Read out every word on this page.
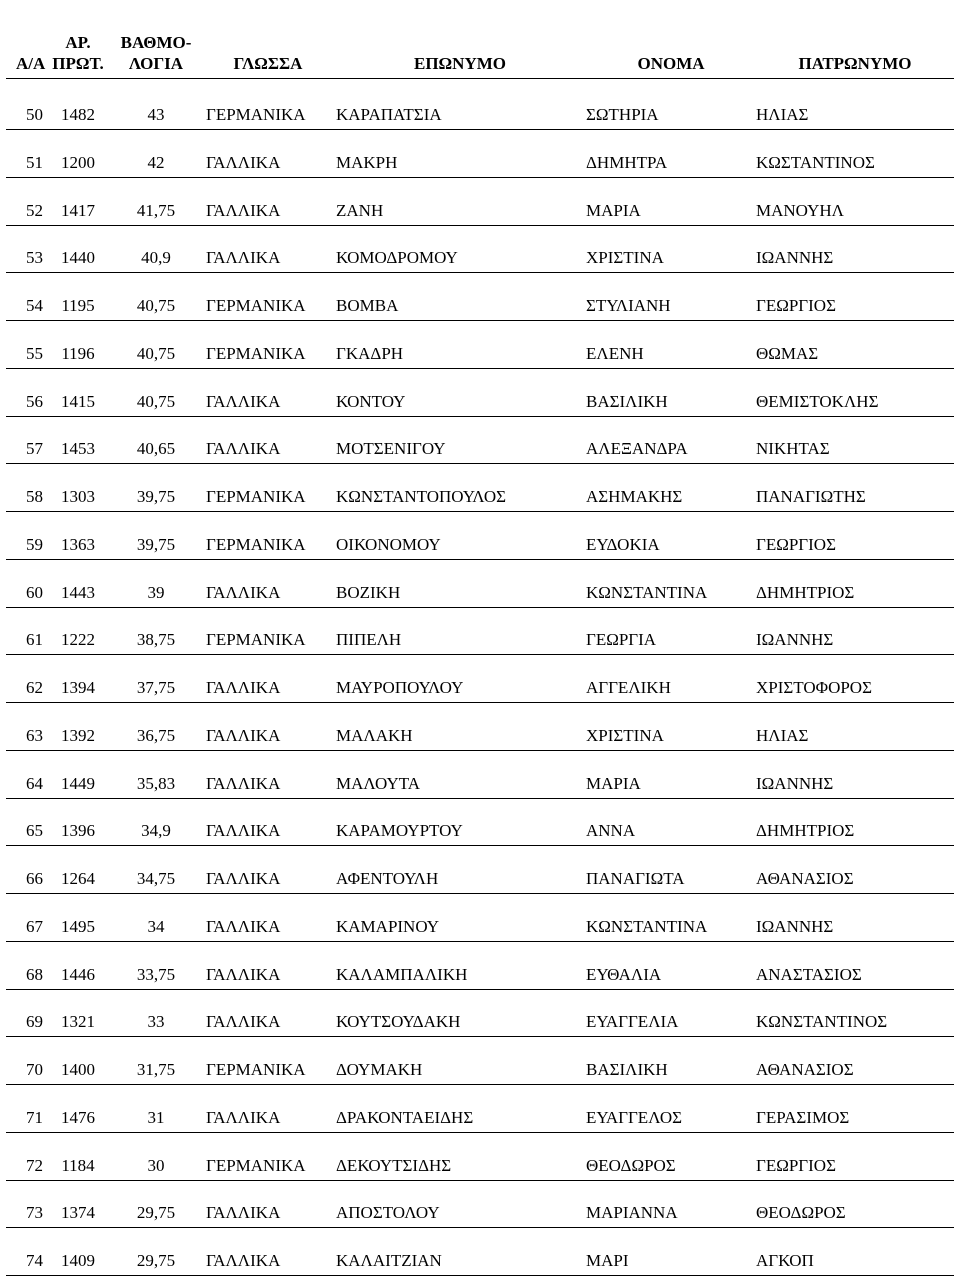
Α/Α	ΑΡ. ΠΡΩΤ.	ΒΑΘΜΟ- ΛΟΓΙΑ	ΓΛΩΣΣΑ	ΕΠΩΝΥΜΟ	ΟΝΟΜΑ	ΠΑΤΡΩΝΥΜΟ
50	1482	43	ΓΕΡΜΑΝΙΚΑ	ΚΑΡΑΠΑΤΣΙΑ	ΣΩΤΗΡΙΑ	ΗΛΙΑΣ
51	1200	42	ΓΑΛΛΙΚΑ	ΜΑΚΡΗ	ΔΗΜΗΤΡΑ	ΚΩΣΤΑΝΤΙΝΟΣ
52	1417	41,75	ΓΑΛΛΙΚΑ	ΖΑΝΗ	ΜΑΡΙΑ	ΜΑΝΟΥΗΛ
53	1440	40,9	ΓΑΛΛΙΚΑ	ΚΟΜΟΔΡΟΜΟΥ	ΧΡΙΣΤΙΝΑ	ΙΩΑΝΝΗΣ
54	1195	40,75	ΓΕΡΜΑΝΙΚΑ	ΒΟΜΒΑ	ΣΤΥΛΙΑΝΗ	ΓΕΩΡΓΙΟΣ
55	1196	40,75	ΓΕΡΜΑΝΙΚΑ	ΓΚΑΔΡΗ	ΕΛΕΝΗ	ΘΩΜΑΣ
56	1415	40,75	ΓΑΛΛΙΚΑ	ΚΟΝΤΟΥ	ΒΑΣΙΛΙΚΗ	ΘΕΜΙΣΤΟΚΛΗΣ
57	1453	40,65	ΓΑΛΛΙΚΑ	ΜΟΤΣΕΝΙΓΟΥ	ΑΛΕΞΑΝΔΡΑ	ΝΙΚΗΤΑΣ
58	1303	39,75	ΓΕΡΜΑΝΙΚΑ	ΚΩΝΣΤΑΝΤΟΠΟΥΛΟΣ	ΑΣΗΜΑΚΗΣ	ΠΑΝΑΓΙΩΤΗΣ
59	1363	39,75	ΓΕΡΜΑΝΙΚΑ	ΟΙΚΟΝΟΜΟΥ	ΕΥΔΟΚΙΑ	ΓΕΩΡΓΙΟΣ
60	1443	39	ΓΑΛΛΙΚΑ	ΒΟΖΙΚΗ	ΚΩΝΣΤΑΝΤΙΝΑ	ΔΗΜΗΤΡΙΟΣ
61	1222	38,75	ΓΕΡΜΑΝΙΚΑ	ΠΙΠΕΛΗ	ΓΕΩΡΓΙΑ	ΙΩΑΝΝΗΣ
62	1394	37,75	ΓΑΛΛΙΚΑ	ΜΑΥΡΟΠΟΥΛΟΥ	ΑΓΓΕΛΙΚΗ	ΧΡΙΣΤΟΦΟΡΟΣ
63	1392	36,75	ΓΑΛΛΙΚΑ	ΜΑΛΑΚΗ	ΧΡΙΣΤΙΝΑ	ΗΛΙΑΣ
64	1449	35,83	ΓΑΛΛΙΚΑ	ΜΑΛΟΥΤΑ	ΜΑΡΙΑ	ΙΩΑΝΝΗΣ
65	1396	34,9	ΓΑΛΛΙΚΑ	ΚΑΡΑΜΟΥΡΤΟΥ	ΑΝΝΑ	ΔΗΜΗΤΡΙΟΣ
66	1264	34,75	ΓΑΛΛΙΚΑ	ΑΦΕΝΤΟΥΛΗ	ΠΑΝΑΓΙΩΤΑ	ΑΘΑΝΑΣΙΟΣ
67	1495	34	ΓΑΛΛΙΚΑ	ΚΑΜΑΡΙΝΟΥ	ΚΩΝΣΤΑΝΤΙΝΑ	ΙΩΑΝΝΗΣ
68	1446	33,75	ΓΑΛΛΙΚΑ	ΚΑΛΑΜΠΑΛΙΚΗ	ΕΥΘΑΛΙΑ	ΑΝΑΣΤΑΣΙΟΣ
69	1321	33	ΓΑΛΛΙΚΑ	ΚΟΥΤΣΟΥΔΑΚΗ	ΕΥΑΓΓΕΛΙΑ	ΚΩΝΣΤΑΝΤΙΝΟΣ
70	1400	31,75	ΓΕΡΜΑΝΙΚΑ	ΔΟΥΜΑΚΗ	ΒΑΣΙΛΙΚΗ	ΑΘΑΝΑΣΙΟΣ
71	1476	31	ΓΑΛΛΙΚΑ	ΔΡΑΚΟΝΤΑΕΙΔΗΣ	ΕΥΑΓΓΕΛΟΣ	ΓΕΡΑΣΙΜΟΣ
72	1184	30	ΓΕΡΜΑΝΙΚΑ	ΔΕΚΟΥΤΣΙΔΗΣ	ΘΕΟΔΩΡΟΣ	ΓΕΩΡΓΙΟΣ
73	1374	29,75	ΓΑΛΛΙΚΑ	ΑΠΟΣΤΟΛΟΥ	ΜΑΡΙΑΝΝΑ	ΘΕΟΔΩΡΟΣ
74	1409	29,75	ΓΑΛΛΙΚΑ	ΚΑΛΑΙΤΖΙΑΝ	ΜΑΡΙ	ΑΓΚΟΠ
